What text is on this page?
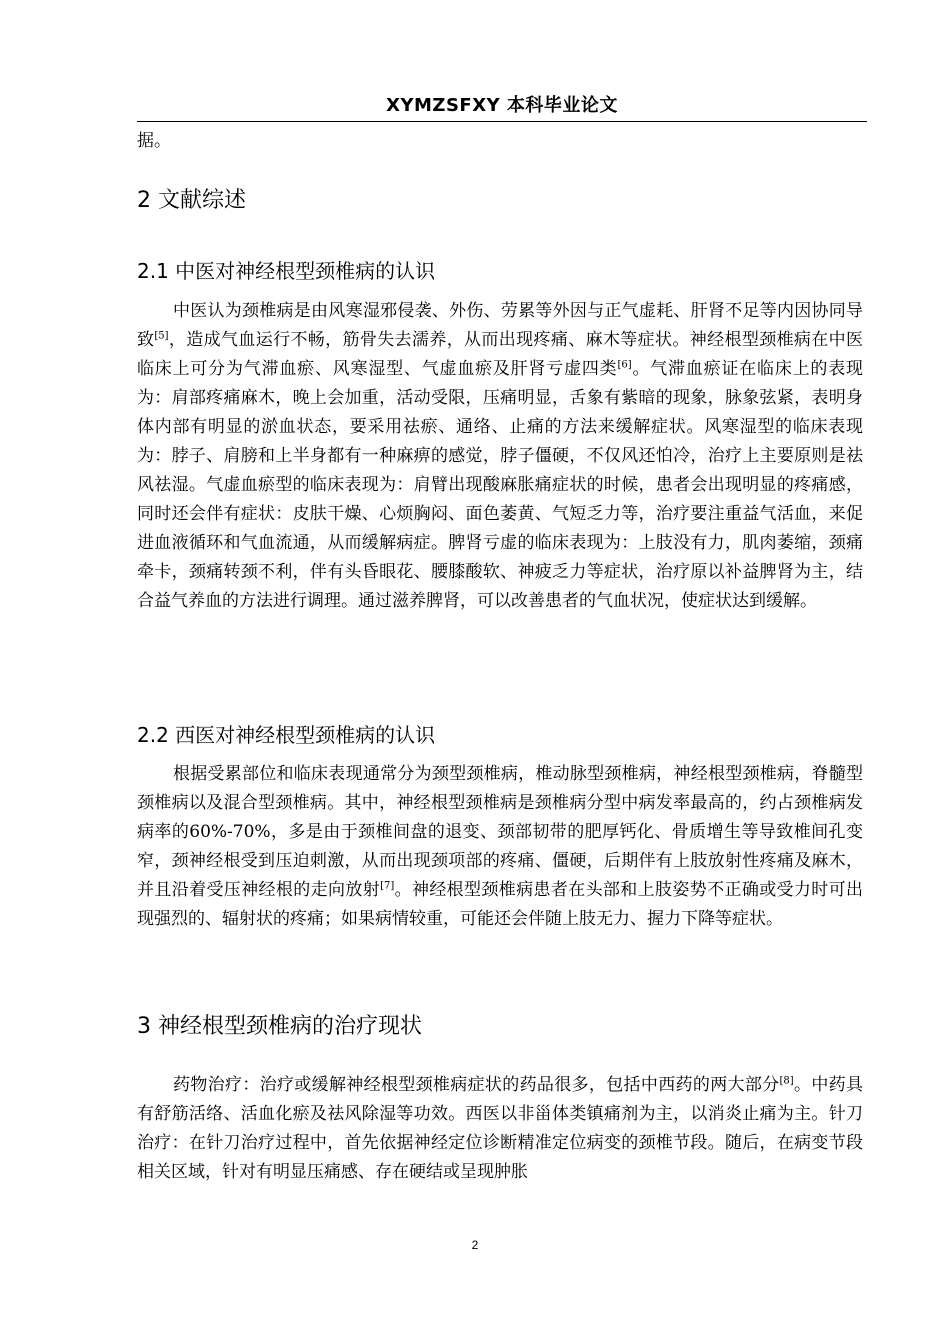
XYMZSFXY 本科毕业论文
据。
2 文献综述
2.1 中医对神经根型颈椎病的认识
中医认为颈椎病是由风寒湿邪侵袭、外伤、劳累等外因与正气虚耗、肝肾不足等内因协同导致[5]，造成气血运行不畅，筋骨失去濡养，从而出现疼痛、麻木等症状。神经根型颈椎病在中医临床上可分为气滞血瘀、风寒湿型、气虚血瘀及肝肾亏虚四类[6]。气滞血瘀证在临床上的表现为：肩部疼痛麻木，晚上会加重，活动受限，压痛明显，舌象有紫暗的现象，脉象弦紧，表明身体内部有明显的淤血状态，要采用祛瘀、通络、止痛的方法来缓解症状。风寒湿型的临床表现为：脖子、肩膀和上半身都有一种麻痹的感觉，脖子僵硬，不仅风还怕冷，治疗上主要原则是祛风祛湿。气虚血瘀型的临床表现为：肩臂出现酸麻胀痛症状的时候，患者会出现明显的疼痛感，同时还会伴有症状：皮肤干燥、心烦胸闷、面色萎黄、气短乏力等，治疗要注重益气活血，来促进血液循环和气血流通，从而缓解病症。脾肾亏虚的临床表现为：上肢没有力，肌肉萎缩，颈痛牵卡，颈痛转颈不利，伴有头昏眼花、腰膝酸软、神疲乏力等症状，治疗原以补益脾肾为主，结合益气养血的方法进行调理。通过滋养脾肾，可以改善患者的气血状况，使症状达到缓解。
2.2 西医对神经根型颈椎病的认识
根据受累部位和临床表现通常分为颈型颈椎病，椎动脉型颈椎病，神经根型颈椎病，脊髓型颈椎病以及混合型颈椎病。其中，神经根型颈椎病是颈椎病分型中病发率最高的，约占颈椎病发病率的60%-70%，多是由于颈椎间盘的退变、颈部韧带的肥厚钙化、骨质增生等导致椎间孔变窄，颈神经根受到压迫刺激，从而出现颈项部的疼痛、僵硬，后期伴有上肢放射性疼痛及麻木，并且沿着受压神经根的走向放射[7]。神经根型颈椎病患者在头部和上肢姿势不正确或受力时可出现强烈的、辐射状的疼痛；如果病情较重，可能还会伴随上肢无力、握力下降等症状。
3 神经根型颈椎病的治疗现状
药物治疗：治疗或缓解神经根型颈椎病症状的药品很多，包括中西药的两大部分[8]。中药具有舒筋活络、活血化瘀及祛风除湿等功效。西医以非甾体类镇痛剂为主，以消炎止痛为主。针刀治疗：在针刀治疗过程中，首先依据神经定位诊断精准定位病变的颈椎节段。随后，在病变节段相关区域，针对有明显压痛感、存在硬结或呈现肿胀
2
